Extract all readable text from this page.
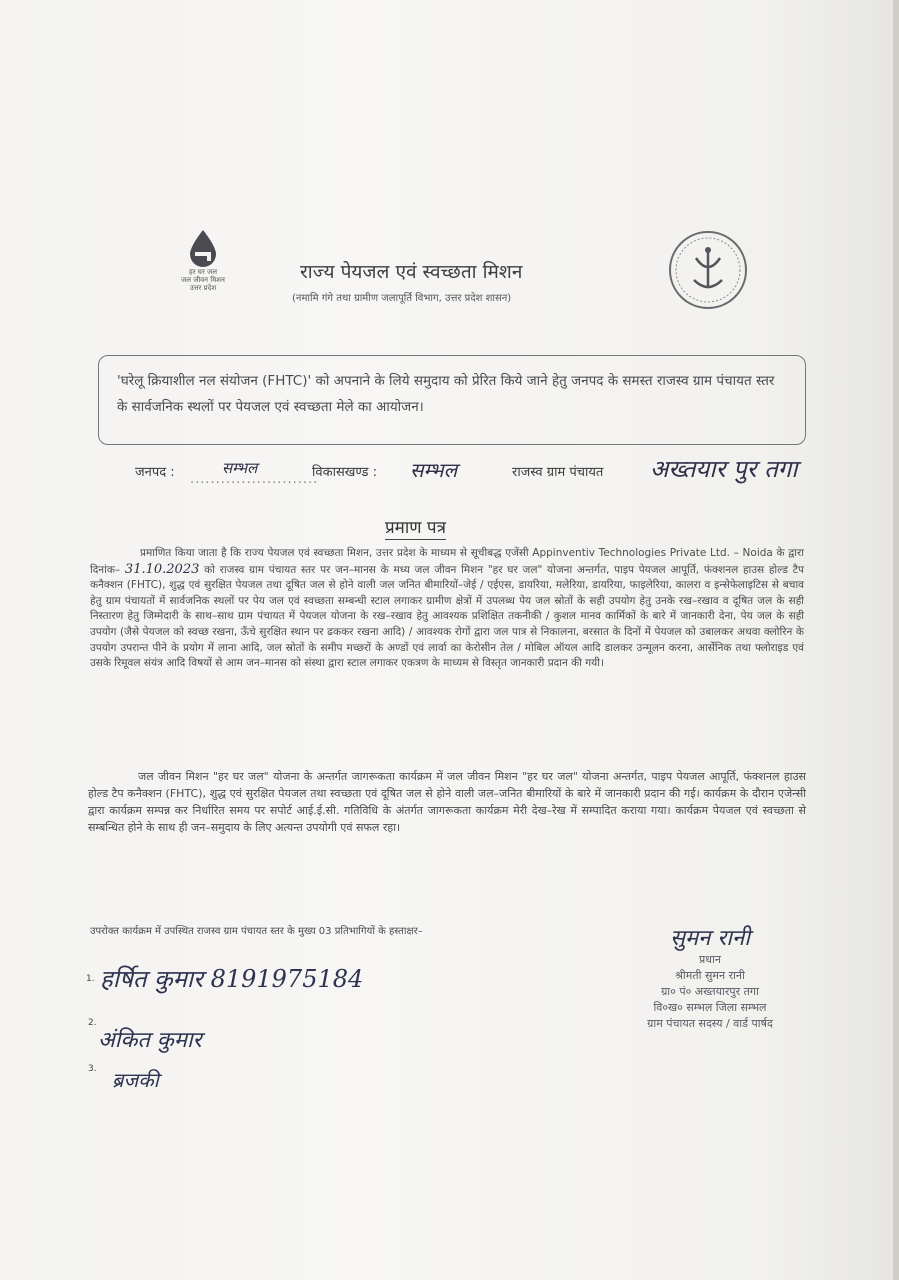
हर घर जल
जल जीवन मिशन
उत्तर प्रदेश
राज्य पेयजल एवं स्वच्छता मिशन
(नमामि गंगे तथा ग्रामीण जलापूर्ति विभाग, उत्तर प्रदेश शासन)
'घरेलू क्रियाशील नल संयोजन (FHTC)' को अपनाने के लिये समुदाय को प्रेरित किये जाने हेतु जनपद के समस्त राजस्व ग्राम पंचायत स्तर के सार्वजनिक स्थलों पर पेयजल एवं स्वच्छता मेले का आयोजन।
जनपद :	सम्भल
.........................
विकासखण्ड : सम्भल	राजस्व ग्राम पंचायत अख्तयार पुर तगा
प्रमाण पत्र
प्रमाणित किया जाता है कि राज्य पेयजल एवं स्वच्छता मिशन, उत्तर प्रदेश के माध्यम से सूचीबद्ध एजेंसी Appinventiv Technologies Private Ltd. – Noida के द्वारा दिनांक– 31.10.2023 को राजस्व ग्राम पंचायत स्तर पर जन–मानस के मध्य जल जीवन मिशन "हर घर जल" योजना अन्तर्गत, पाइप पेयजल आपूर्ति, फंक्शनल हाउस होल्ड टैप कनैक्शन (FHTC), शुद्ध एवं सुरक्षित पेयजल तथा दूषित जल से होने वाली जल जनित बीमारियों–जेई / एईएस, डायरिया, मलेरिया, डायरिया, फाइलेरिया, कालरा व इन्सेफेलाइटिस से बचाव हेतु ग्राम पंचायतों में सार्वजनिक स्थलों पर पेय जल एवं स्वच्छता सम्बन्धी स्टाल लगाकर ग्रामीण क्षेत्रों में उपलब्ध पेय जल स्रोतों के सही उपयोग हेतु उनके रख–रखाव व दूषित जल के सही निस्तारण हेतु जिम्मेदारी के साथ–साथ ग्राम पंचायत में पेयजल योजना के रख–रखाव हेतु आवश्यक प्रशिक्षित तकनीकी / कुशल मानव कार्मिकों के बारे में जानकारी देना, पेय जल के सही उपयोग (जैसे पेयजल को स्वच्छ रखना, ऊँचे सुरक्षित स्थान पर ढककर रखना आदि) / आवश्यक रोगों द्वारा जल पात्र से निकालना, बरसात के दिनों में पेयजल को उबालकर अथवा क्लोरिन के उपयोग उपरान्त पीने के प्रयोग में लाना आदि, जल स्रोतों के समीप मच्छरों के अण्डों एवं लार्वा का केरोसीन तेल / मोबिल ऑयल आदि डालकर उन्मूलन करना, आर्सेनिक तथा फ्लोराइड एवं उसके रिमूवल संयंत्र आदि विषयों से आम जन–मानस को संस्था द्वारा स्टाल लगाकर एकत्रण के माध्यम से विस्तृत जानकारी प्रदान की गयी।
जल जीवन मिशन "हर घर जल" योजना के अन्तर्गत जागरूकता कार्यक्रम में जल जीवन मिशन "हर घर जल" योजना अन्तर्गत, पाइप पेयजल आपूर्ति, फंक्शनल हाउस होल्ड टैप कनैक्शन (FHTC), शुद्ध एवं सुरक्षित पेयजल तथा स्वच्छता एवं दूषित जल से होने वाली जल–जनित बीमारियों के बारे में जानकारी प्रदान की गई। कार्यक्रम के दौरान एजेन्सी द्वारा कार्यक्रम सम्पन्न कर निर्धारित समय पर सपोर्ट आई.ई.सी. गतिविधि के अंतर्गत जागरूकता कार्यक्रम मेरी देख–रेख में सम्पादित कराया गया। कार्यक्रम पेयजल एवं स्वच्छता से सम्बन्धित होने के साथ ही जन–समुदाय के लिए अत्यन्त उपयोगी एवं सफल रहा।
उपरोक्त कार्यक्रम में उपस्थित राजस्व ग्राम पंचायत स्तर के मुख्य 03 प्रतिभागियों के हस्ताक्षर–
1. हर्षित कुमार 8191975184
2.
अंकित कुमार
3. ब्रजकी
सुमन रानी
प्रधान
श्रीमती सुमन रानी
ग्रा० पं० अख्तयारपुर तगा
वि०ख० सम्भल जिला सम्भल
ग्राम पंचायत सदस्य / वार्ड पार्षद
